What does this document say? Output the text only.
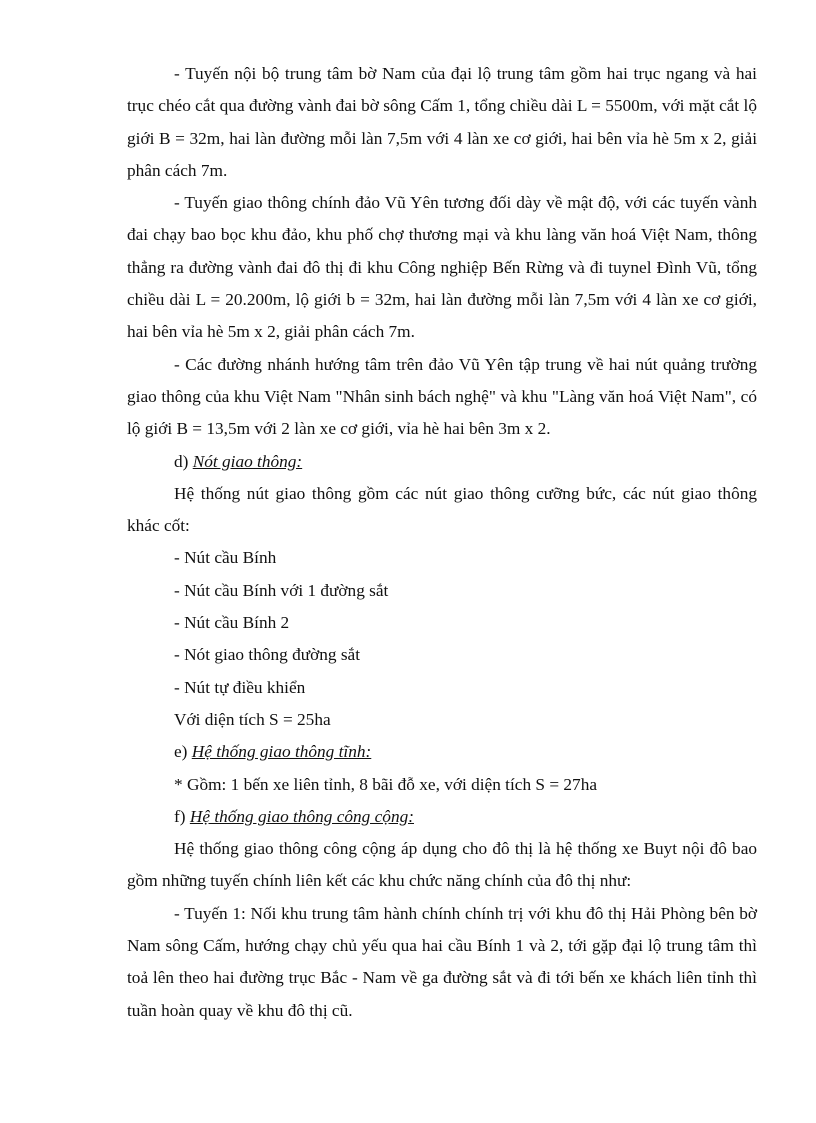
- Tuyến nội bộ trung tâm bờ Nam của đại lộ trung tâm gồm hai trục ngang và hai trục chéo cắt qua đường vành đai bờ sông Cấm 1, tổng chiều dài L = 5500m, với mặt cắt lộ giới B = 32m, hai làn đường mỗi làn 7,5m với 4 làn xe cơ giới, hai bên vỉa hè 5m x 2, giải phân cách 7m.

- Tuyến giao thông chính đảo Vũ Yên tương đối dày về mật độ, với các tuyến vành đai chạy bao bọc khu đảo, khu phố chợ thương mại và khu làng văn hoá Việt Nam, thông thẳng ra đường vành đai đô thị đi khu Công nghiệp Bến Rừng và đi tuynel Đình Vũ, tổng chiều dài L = 20.200m, lộ giới b = 32m, hai làn đường mỗi làn 7,5m với 4 làn xe cơ giới, hai bên vỉa hè 5m x 2, giải phân cách 7m.

- Các đường nhánh hướng tâm trên đảo Vũ Yên tập trung về hai nút quảng trường giao thông của khu Việt Nam "Nhân sinh bách nghệ" và khu "Làng văn hoá Việt Nam", có lộ giới B = 13,5m với 2 làn xe cơ giới, vỉa hè hai bên 3m x 2.

d) Nót giao thông:

Hệ thống nút giao thông gồm các nút giao thông cưỡng bức, các nút giao thông khác cốt:

- Nút cầu Bính

- Nút cầu Bính với 1 đường sắt

- Nút cầu Bính 2

- Nót giao thông đường sắt

- Nút tự điều khiển

Với diện tích S = 25ha

e) Hệ thống giao thông tĩnh:

* Gồm: 1 bến xe liên tỉnh, 8 bãi đỗ xe, với diện tích S = 27ha

f) Hệ thống giao thông công cộng:

Hệ thống giao thông công cộng áp dụng cho đô thị là hệ thống xe Buyt nội đô bao gồm những tuyến chính liên kết các khu chức năng chính của đô thị như:

- Tuyến 1: Nối khu trung tâm hành chính chính trị với khu đô thị Hải Phòng bên bờ Nam sông Cấm, hướng chạy chủ yếu qua hai cầu Bính 1 và 2, tới gặp đại lộ trung tâm thì toả lên theo hai đường trục Bắc - Nam về ga đường sắt và đi tới bến xe khách liên tỉnh thì tuần hoàn quay về khu đô thị cũ.
